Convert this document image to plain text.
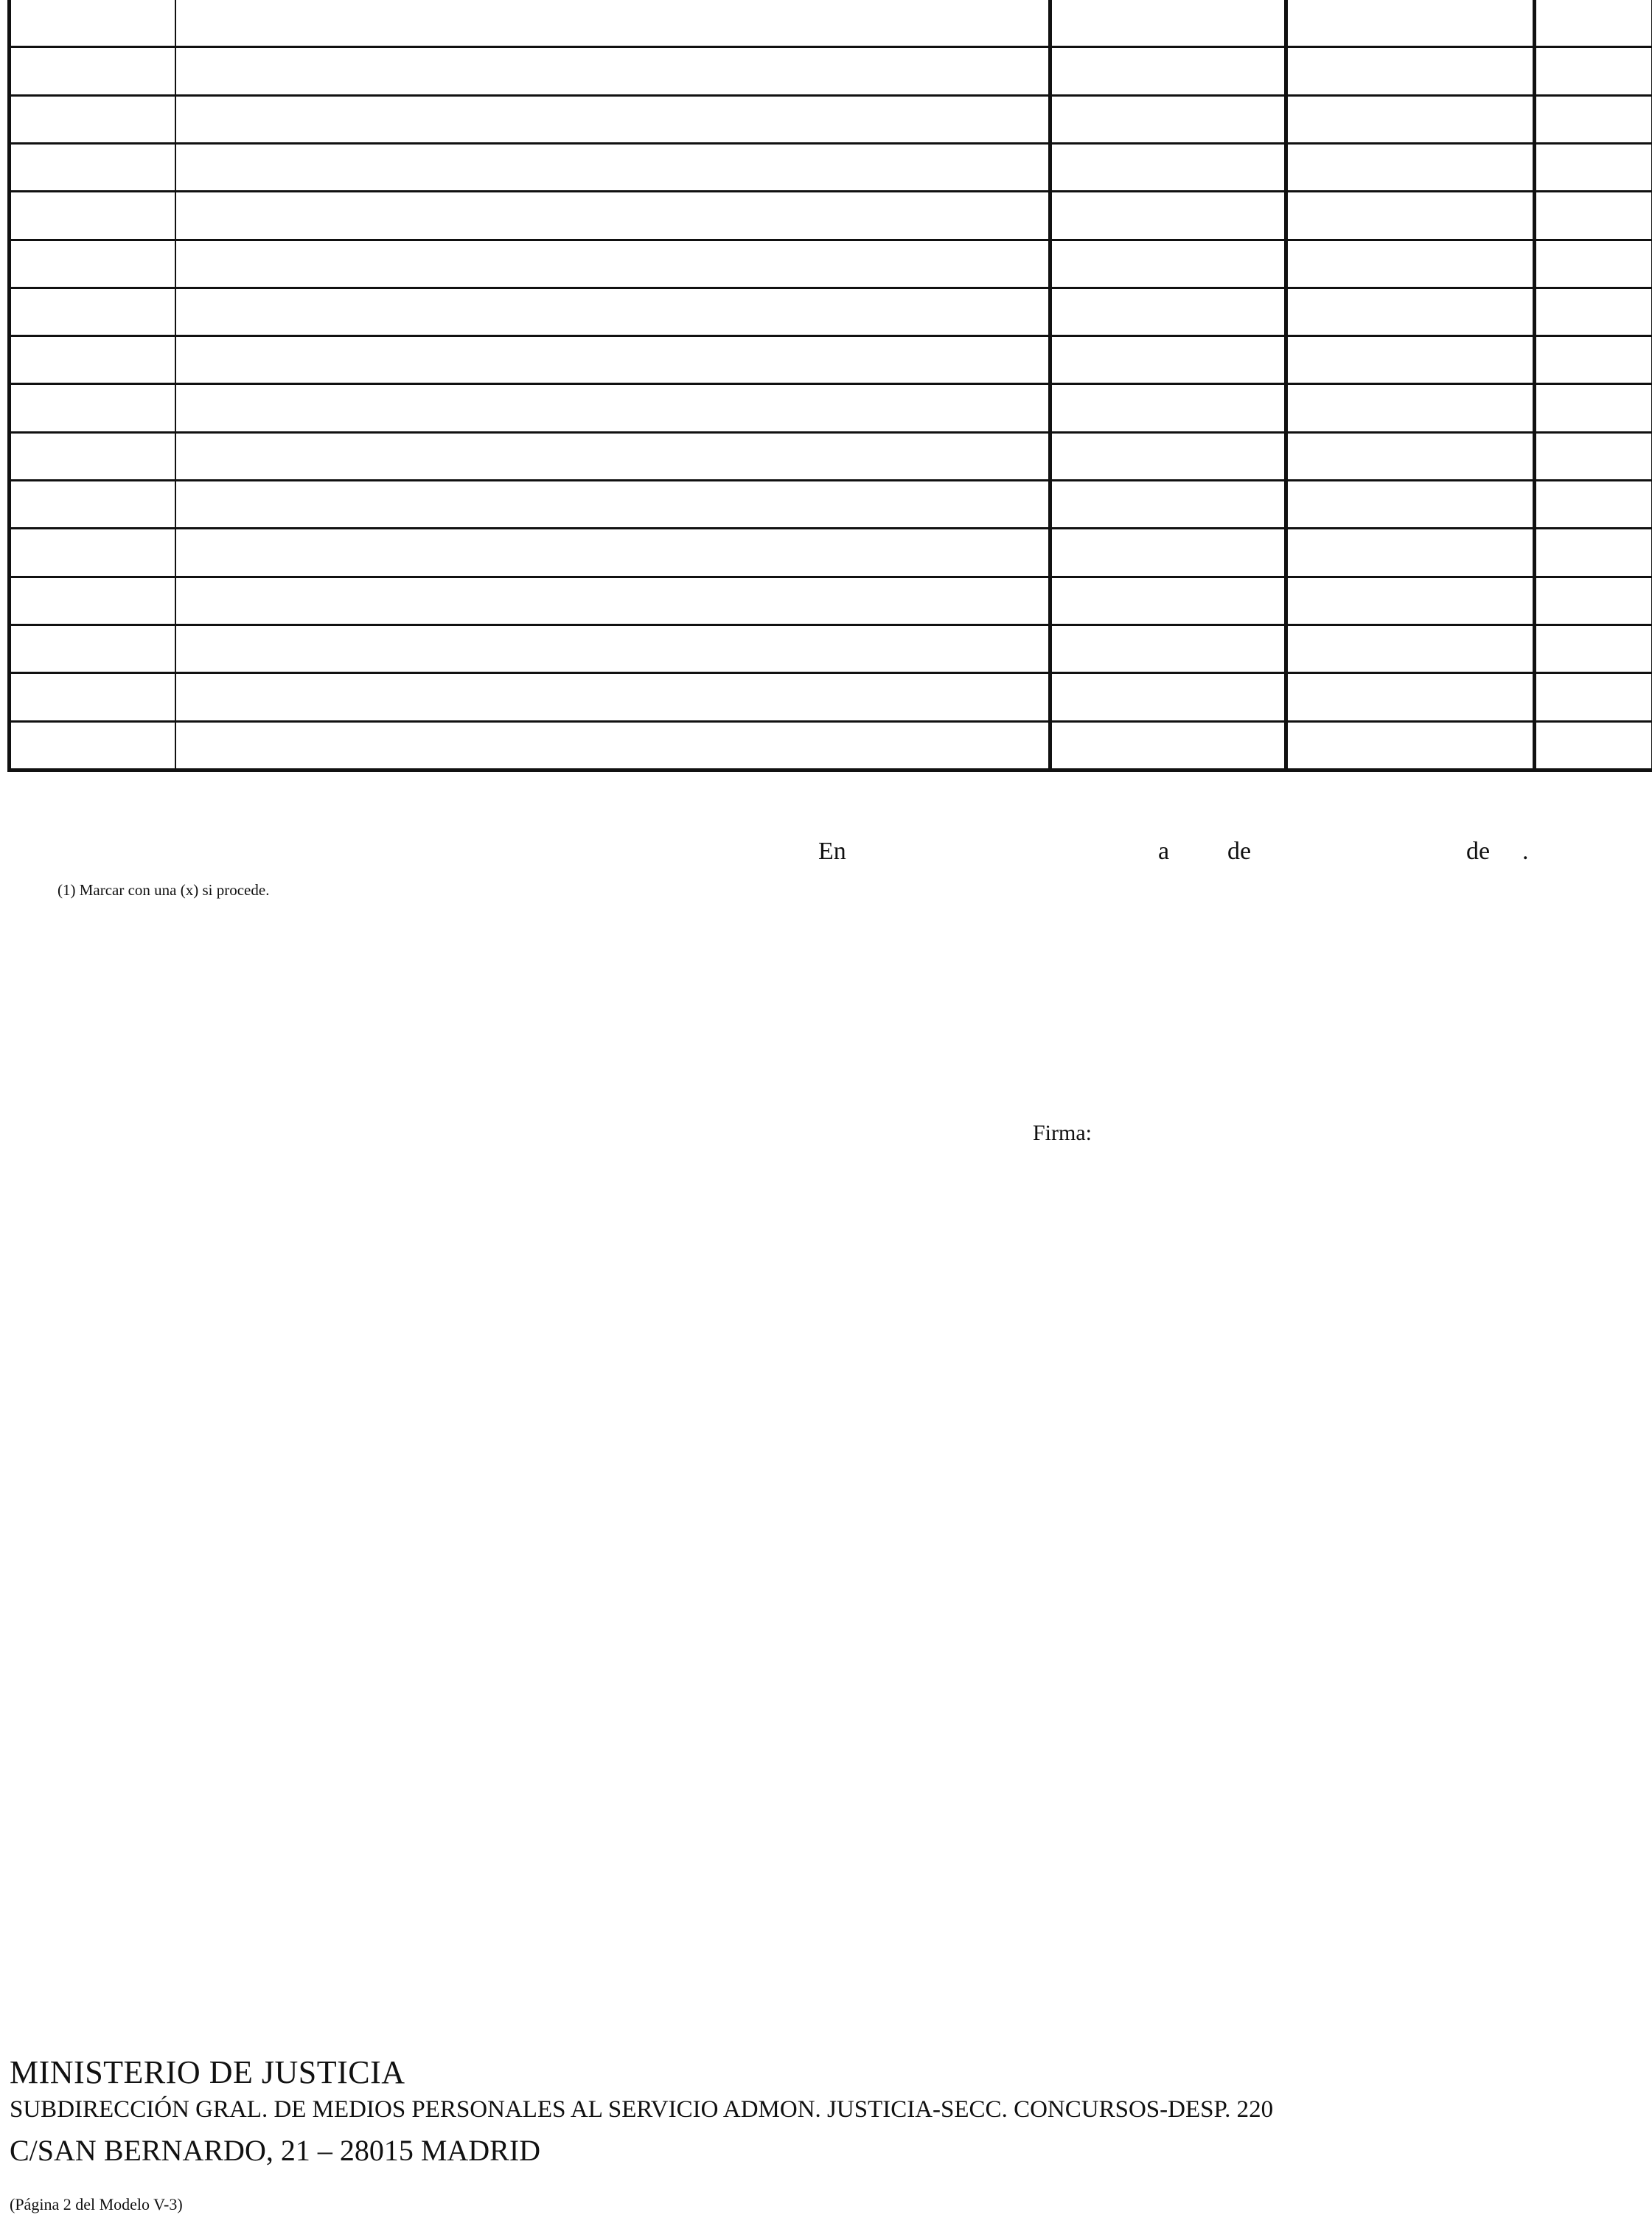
En	a de	de .
(1) Marcar con una (x) si procede.
Firma:
MINISTERIO DE JUSTICIA
SUBDIRECCIÓN GRAL. DE MEDIOS PERSONALES AL SERVICIO ADMON. JUSTICIA-SECC. CONCURSOS-DESP. 220
C/SAN BERNARDO, 21 – 28015 MADRID
(Página 2 del Modelo V-3)
